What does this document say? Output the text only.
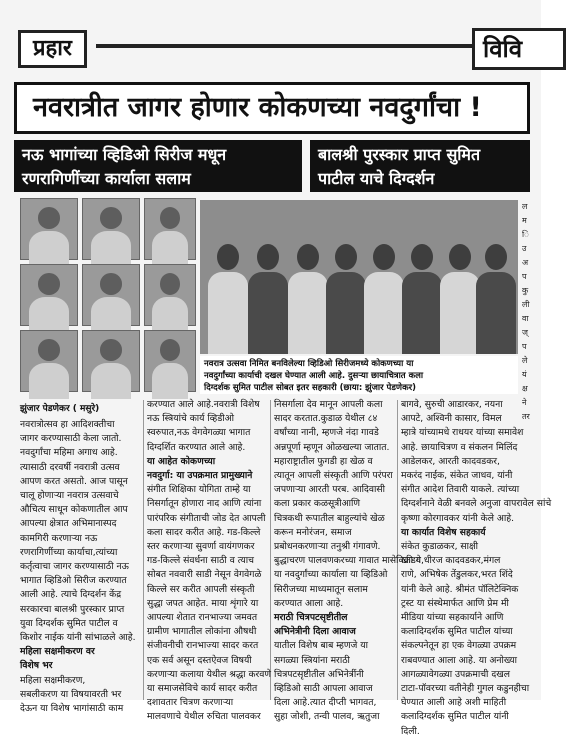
प्रहार	विवि
नवरात्रीत जागर होणार कोकणच्या नवदुर्गांचा !
नऊ भागांच्या व्हिडिओ सिरीज मधून
रणरागिणींच्या कार्याला सलाम
बालश्री पुरस्कार प्राप्त सुमित
पाटील याचे दिग्दर्शन
नवरात्र उत्सवा निमित बनविलेल्या व्हिडिओ सिरीजमध्ये कोकणच्या या
नवदुर्गांच्या कार्याची दखल घेण्यात आली आहे. दुसऱ्या छायाचित्रात कला
दिग्दर्शक सुमित पाटील सोबत इतर सहकारी (छाया: झुंजार पेडणेकर)
ल
म
ि
उ
अ
प
कु
ली
वा
ज्
प
ले
यं
क्ष
ने
तर
झुंजार पेडणेकर ( मसुरे)
नवरात्रोत्सव हा आदिशक्तीचा
जागर करण्यासाठी केला जातो.
नवदुर्गांचा महिमा अगाध आहे.
त्यासाठी दरवर्षी नवरात्री उत्सव
आपण करत असतो. आज पासून
चालू होणाऱ्या नवरात्र उत्सवाचे
औचित्य साधून कोकणातील आप
आपल्या क्षेत्रात अभिमानास्पद
कामगिरी करणाऱ्या नऊ
रणरागिणींच्या कार्याचा,त्यांच्या
कर्तृत्वाचा जागर करण्यासाठी नऊ
भागात व्हिडिओ सिरीज करण्यात
आली आहे. त्याचे दिग्दर्शन केंद्र
सरकारचा बालश्री पुरस्कार प्राप्त
युवा दिग्दर्शक सुमित पाटील व
किशोर नाईक यांनी सांभाळले आहे.
महिला सक्षमीकरण वर
विशेष भर
महिला सक्षमीकरण,
सबलीकरण या विषयावरती भर
देऊन या विशेष भागांसाठी काम
करण्यात आले आहे.नवरात्री विशेष
नऊ स्त्रियांचे कार्य व्हिडीओ
स्वरुपात,नऊ वेगवेगळ्या भागात
दिग्दर्शित करण्यात आले आहे.
या आहेत कोकणच्या
नवदुर्गा: या उपक्रमात प्रामुख्याने
संगीत शिक्षिका योगिता ताम्हे या
निसर्गातून होणारा नाद आणि त्यांना
पारंपरिक संगीताची जोड देत आपली
कला सादर करीत आहे. गड-किल्ले
स्तर करणाऱ्या सुवर्णा वायंगणकर
गड-किल्ले संवर्धना साठी व त्याच
सोबत नववारी साडी नेसून वेगवेगळे
किल्ले सर करीत आपली संस्कृती
सुद्धा जपत आहेत. माया शृंगारे या
आपल्या शेतात रानभाज्या जमवत
ग्रामीण भागातील लोकांना औषधी
संजीवनीची रानभाज्या सादर करत
एक सर्व असून दस्तऐवज विषयी
करणाऱ्या कलाया येथील श्रद्धा करवणे
या समाजसेविचे कार्य सादर करीत
दशावतार चित्रण करणाऱ्या
मालवणाचे येथील रुचिता पालवकर
निसर्गाला देव मानून आपली कला
सादर करतात.कुडाळ येथील ८४
वर्षांच्या नानी, म्हणजे नंदा गावडे
अन्नपूर्णा म्हणून ओळखल्या जातात.
महाराष्ट्रातील फुगडी हा खेळ व
त्यातून आपली संस्कृती आणि परंपरा
जपणाऱ्या आरती परब. आदिवासी
कला प्रकार कळसूत्रीआणि
चित्रकथी रूपातील बाहुल्यांचे खेळ
करून मनोरंजन, समाज
प्रबोधनकरणाऱ्या तनुश्री गंगावणे.
बुद्धाचरण पालवणकरच्या गावात मासेविक्री व
या नवदुर्गांच्या कार्याला या व्हिडिओ
सिरीजच्या माध्यमातून सलाम
करण्यात आला आहे.
मराठी चित्रपटसृष्टीतील
अभिनेत्रीनी दिला आवाज
यातील विशेष बाब म्हणजे या
सगळ्या स्त्रियांना मराठी
चित्रपटसृष्टीतील अभिनेत्रींनी
व्हिडिओ साठी आपला आवाज
दिला आहे.त्यात दीप्ती भागवत,
सुहा जोशी, तन्वी पालव, ऋतुजा
बागवे, सुरुची आडारकर, नयना
आपटे, अश्विनी कासार, विमल
म्हात्रे यांच्यामधे राधयर यांच्या समावेश
आहे. छायाचित्रण व संकलन मिलिंद
आडेलकर, आरती कादवडकर,
मकरंद नाईक, संकेत जाधव, यांनी
संगीत आदेश तिवारी याकले. त्यांच्या
दिग्दर्शनाने वेळी बनवले अनुजा वापरावेल सांचे
कृष्णा कोरगावकर यांनी केले आहे.
या कार्यात विशेष सहकार्य
संकेत कुडाळकर, साक्षी
खाडगे,धीरज कादवडकर,मंगल
राणे, अभिषेक तेंडुलकर,भरत शिंदे
यांनी केले आहे. श्रीमंत पॉलिटेक्निक
ट्रस्ट या संस्थेमार्फत आणि प्रेम मी
मीडिया यांच्या सहकार्याने आणि
कलादिग्दर्शक सुमित पाटील यांच्या
संकल्पनेतून हा एक वेगळ्या उपक्रम
राबवण्यात आला आहे. या अनोख्या
आगळ्यावेगळ्या उपक्रमाची दखल
टाटा-पॉवरच्या वतीनेही गुगल कडुनहीचा
घेण्यात आली आहे अशी माहिती
कलादिग्दर्शक सुमित पाटील यांनी
दिली.
